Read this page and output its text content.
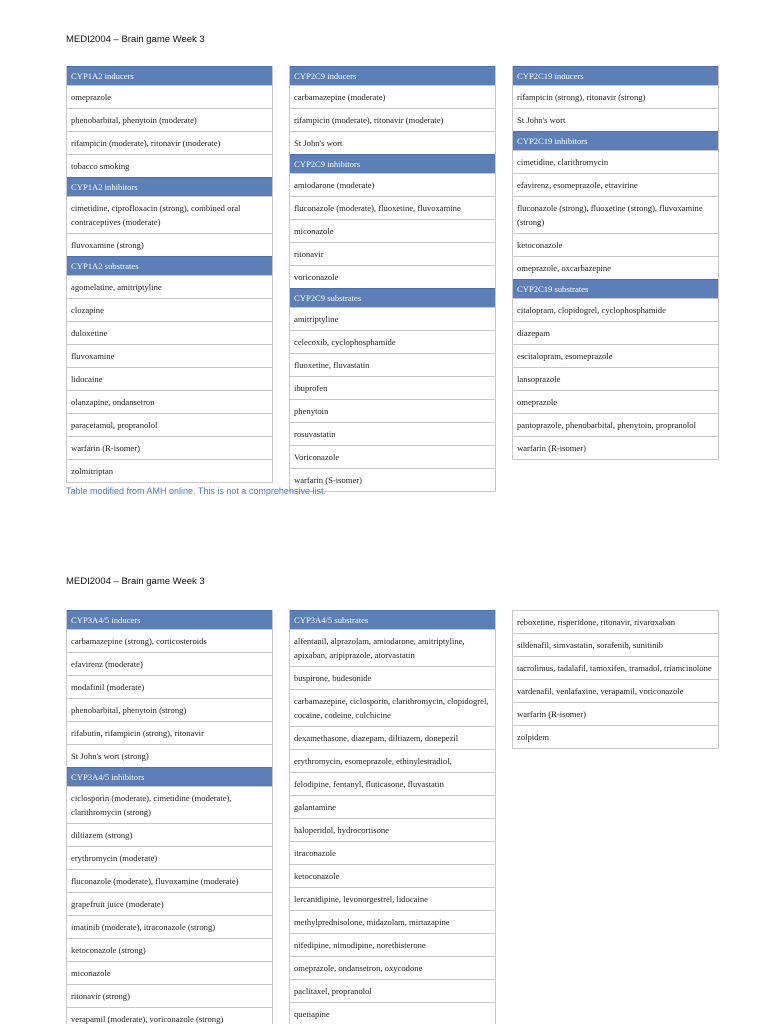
MEDI2004 – Brain game Week 3
CYP1A2 inducers
omeprazole
phenobarbital, phenytoin (moderate)
rifampicin (moderate), ritonavir (moderate)
tobacco smoking
CYP1A2 inhibitors
cimetidine, ciprofloxacin (strong), combined oral contraceptives (moderate)
fluvoxamine (strong)
CYP1A2 substrates
agomelatine, amitriptyline
clozapine
duloxetine
fluvoxamine
lidocaine
olanzapine, ondansetron
paracetamol, propranolol
warfarin (R-isomer)
zolmitriptan
CYP2C9 inducers
carbamazepine (moderate)
rifampicin (moderate), ritonavir (moderate)
St John's wort
CYP2C9 inhibitors
amiodarone (moderate)
fluconazole (moderate), fluoxetine, fluvoxamine
miconazole
ritonavir
voriconazole
CYP2C9 substrates
amitriptyline
celecoxib, cyclophosphamide
fluoxetine, fluvastatin
ibuprofen
phenytoin
rosuvastatin
Voriconazole
warfarin (S-isomer)
CYP2C19 inducers
rifampicin (strong), ritonavir (strong)
St John's wort
CYP2C19 inhibitors
cimetidine, clarithromycin
efavirenz, esomeprazole, etravirine
fluconazole (strong), fluoxetine (strong), fluvoxamine (strong)
ketoconazole
omeprazole, oxcarbazepine
CYP2C19 substrates
citalopram, clopidogrel, cyclophosphamide
diazepam
escitalopram, esomeprazole
lansoprazole
omeprazole
pantoprazole, phenobarbital, phenytoin, propranolol
warfarin (R-isomer)
Table modified from AMH online. This is not a comprehensive list.
MEDI2004 – Brain game Week 3
CYP3A4/5 inducers
carbamazepine (strong), corticosteroids
efavirenz (moderate)
modafinil (moderate)
phenobarbital, phenytoin (strong)
rifabutin, rifampicin (strong), ritonavir
St John's wort (strong)
CYP3A4/5 inhibitors
ciclosporin (moderate), cimetidine (moderate), clarithromycin (strong)
diltiazem (strong)
erythromycin (moderate)
fluconazole (moderate), fluvoxamine (moderate)
grapefruit juice (moderate)
imatinib (moderate), itraconazole (strong)
ketoconazole (strong)
miconazole
ritonavir (strong)
verapamil (moderate), voriconazole (strong)
CYP3A4/5 substrates
alfentanil, alprazolam, amiodarone, amitriptyline, apixaban, aripiprazole, atorvastatin
buspirone, budesonide
carbamazepine, ciclosporin, clarithromycin, clopidogrel, cocaine, codeine, colchicine
dexamethasone, diazepam, diltiazem, donepezil
erythromycin, esomeprazole, ethinylestradiol,
felodipine, fentanyl, fluticasone, fluvastatin
galantamine
haloperidol, hydrocortisone
itraconazole
ketoconazole
lercanidipine, levonorgestrel, lidocaine
methylprednisolone, midazolam, mirtazapine
nifedipine, nimodipine, norethisterone
omeprazole, ondansetron, oxycodone
paclitaxel, propranolol
quetiapine
reboxetine, risperidone, ritonavir, rivaroxaban
sildenafil, simvastatin, sorafenib, sunitinib
tacrolimus, tadalafil, tamoxifen, tramadol, triamcinolone
vardenafil, venlafaxine, verapamil, voriconazole
warfarin (R-isomer)
zolpidem
